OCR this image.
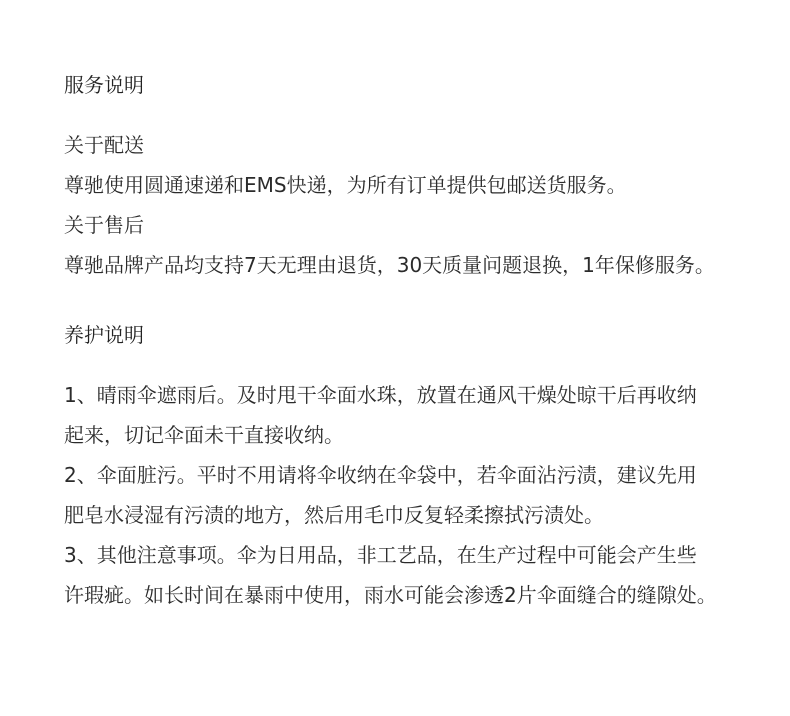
服务说明

关于配送

尊驰使用圆通速递和EMS快递，为所有订单提供包邮送货服务。

关于售后

尊驰品牌产品均支持7天无理由退货，30天质量问题退换，1年保修服务。

养护说明

1、晴雨伞遮雨后。及时甩干伞面水珠，放置在通风干燥处晾干后再收纳

起来，切记伞面未干直接收纳。

2、伞面脏污。平时不用请将伞收纳在伞袋中，若伞面沾污渍，建议先用

肥皂水浸湿有污渍的地方，然后用毛巾反复轻柔擦拭污渍处。

3、其他注意事项。伞为日用品，非工艺品，在生产过程中可能会产生些

许瑕疵。如长时间在暴雨中使用，雨水可能会渗透2片伞面缝合的缝隙处。
